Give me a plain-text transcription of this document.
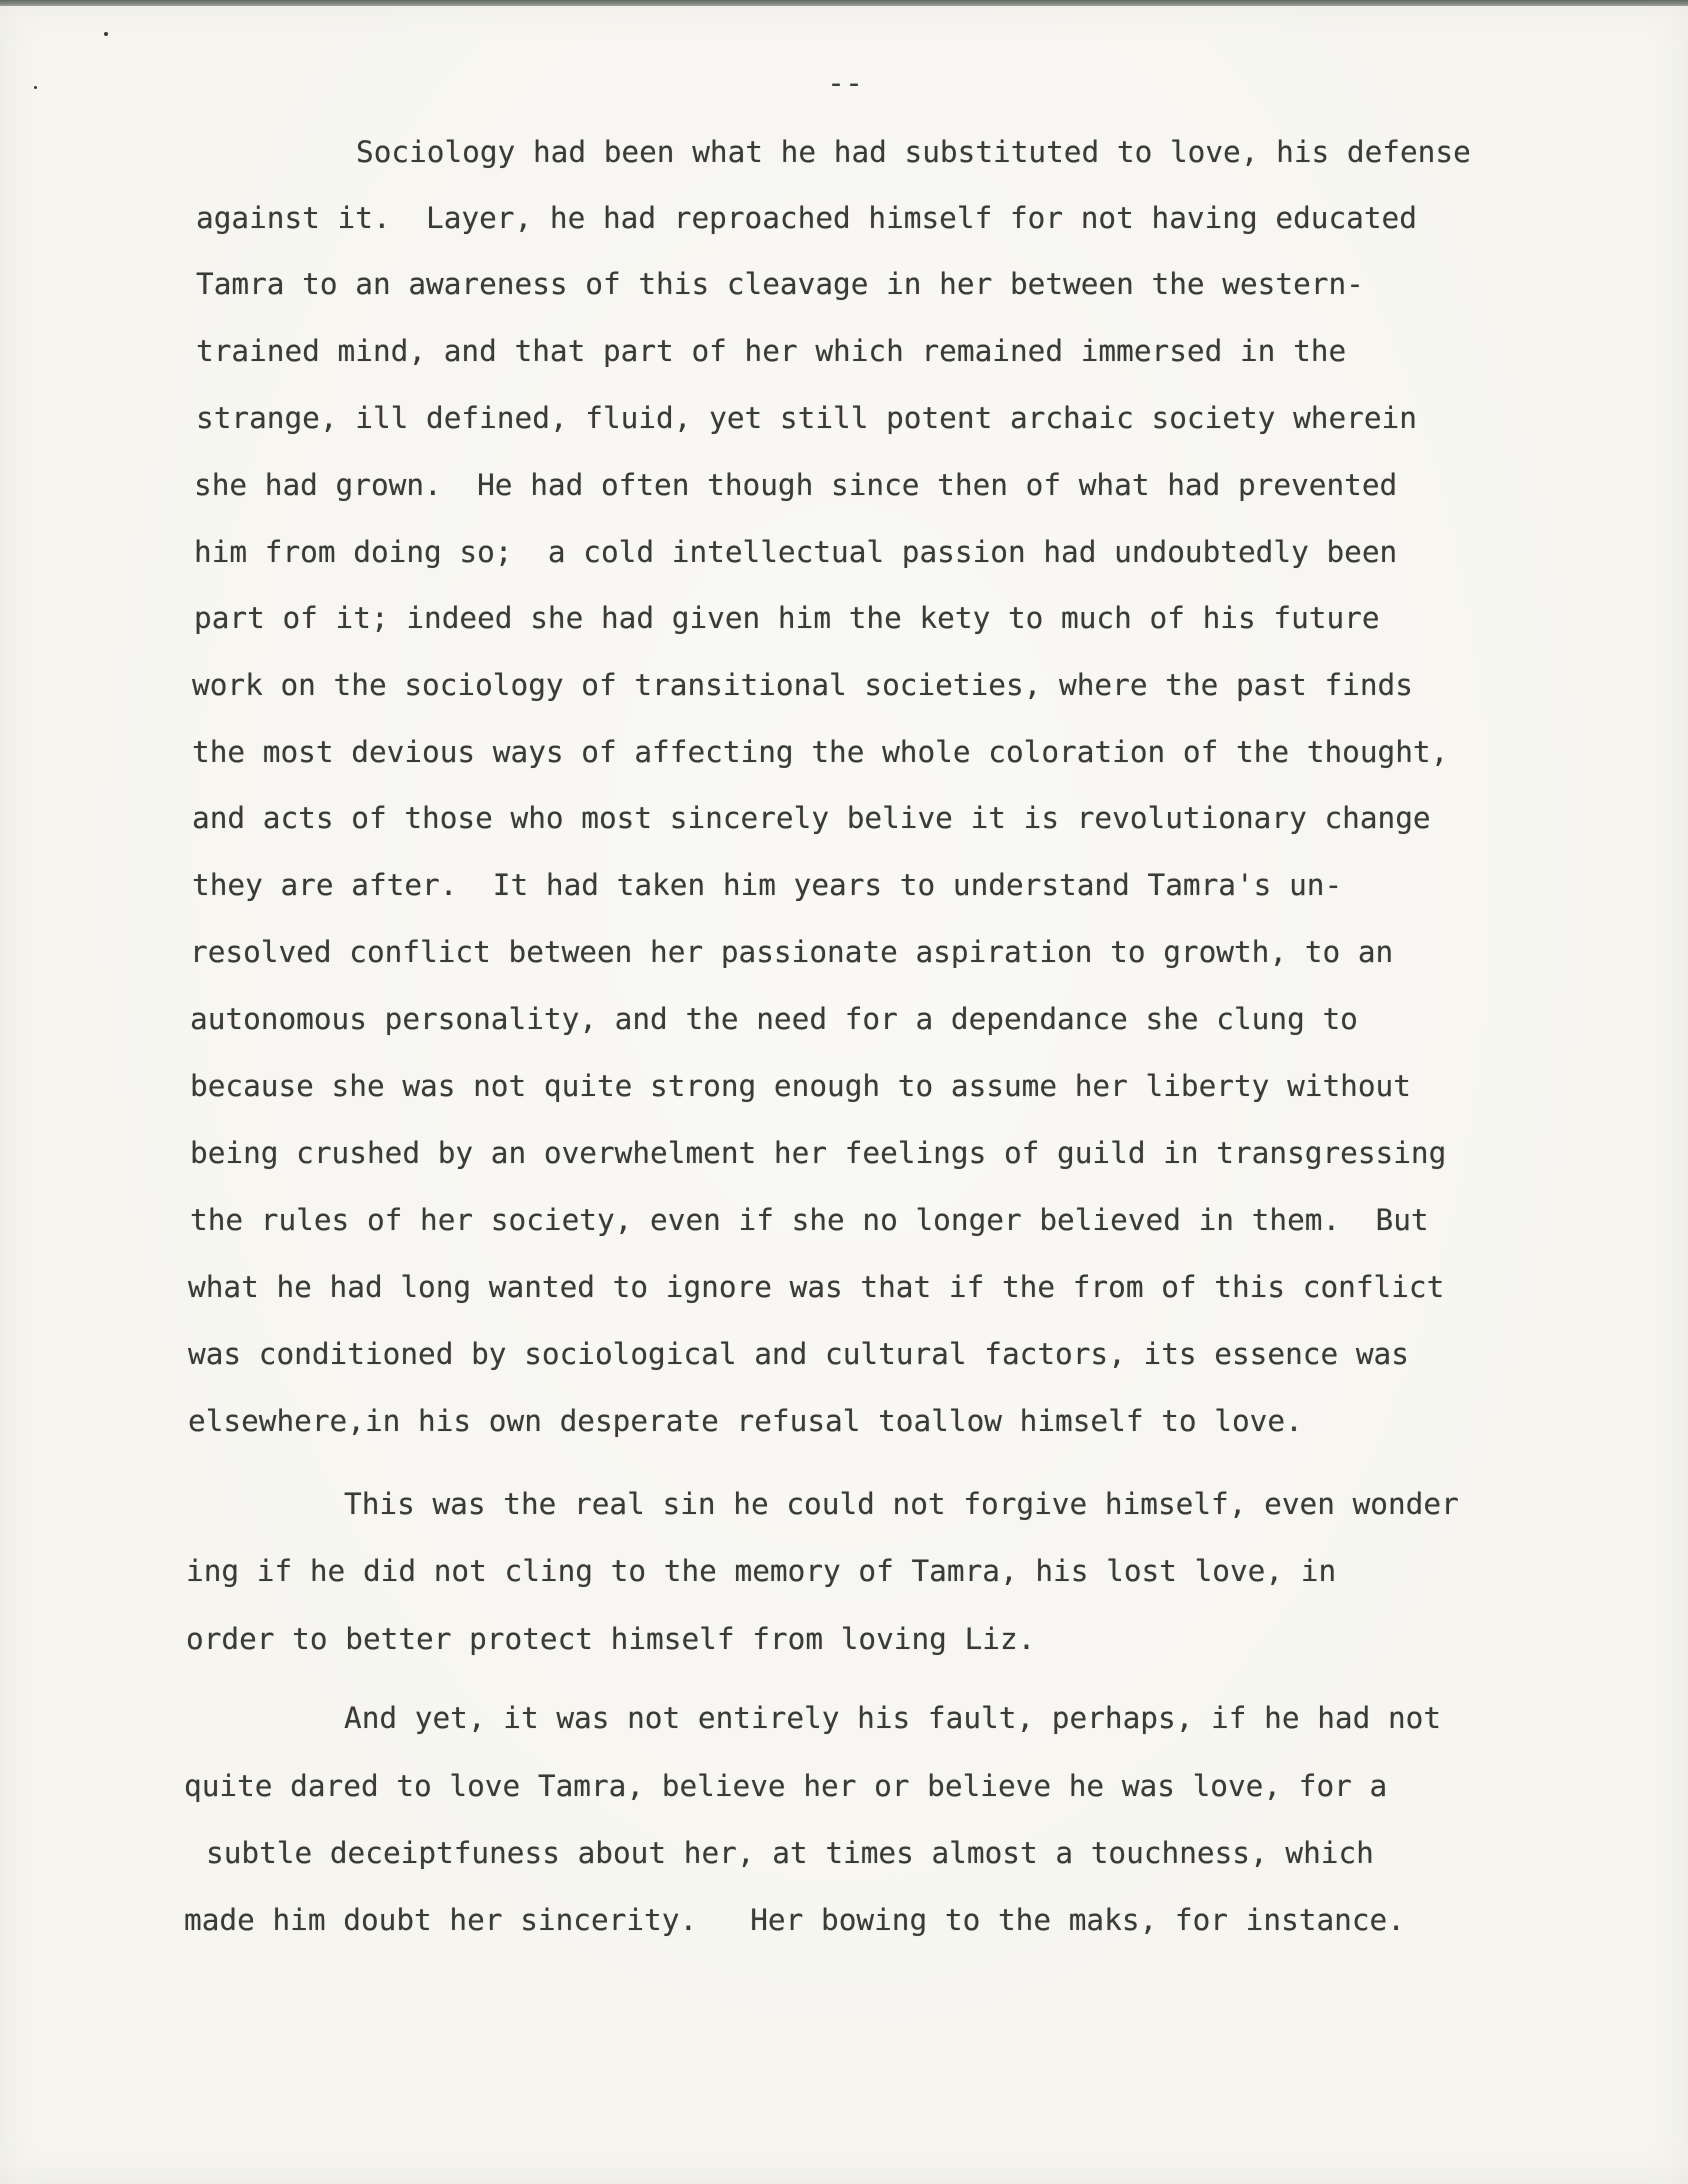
--
Sociology had been what he had substituted to love, his defense
against it.  Layer, he had reproached himself for not having educated
Tamra to an awareness of this cleavage in her between the western-
trained mind, and that part of her which remained immersed in the
strange, ill defined, fluid, yet still potent archaic society wherein
she had grown.  He had often though since then of what had prevented
him from doing so;  a cold intellectual passion had undoubtedly been
part of it; indeed she had given him the kety to much of his future
work on the sociology of transitional societies, where the past finds
the most devious ways of affecting the whole coloration of the thought,
and acts of those who most sincerely belive it is revolutionary change
they are after.  It had taken him years to understand Tamra's un-
resolved conflict between her passionate aspiration to growth, to an
autonomous personality, and the need for a dependance she clung to
because she was not quite strong enough to assume her liberty without
being crushed by an overwhelment her feelings of guild in transgressing
the rules of her society, even if she no longer believed in them.  But
what he had long wanted to ignore was that if the from of this conflict
was conditioned by sociological and cultural factors, its essence was
elsewhere,in his own desperate refusal toallow himself to love.
This was the real sin he could not forgive himself, even wonder
ing if he did not cling to the memory of Tamra, his lost love, in
order to better protect himself from loving Liz.
And yet, it was not entirely his fault, perhaps, if he had not
quite dared to love Tamra, believe her or believe he was love, for a
subtle deceiptfuness about her, at times almost a touchness, which
made him doubt her sincerity.   Her bowing to the maks, for instance.
